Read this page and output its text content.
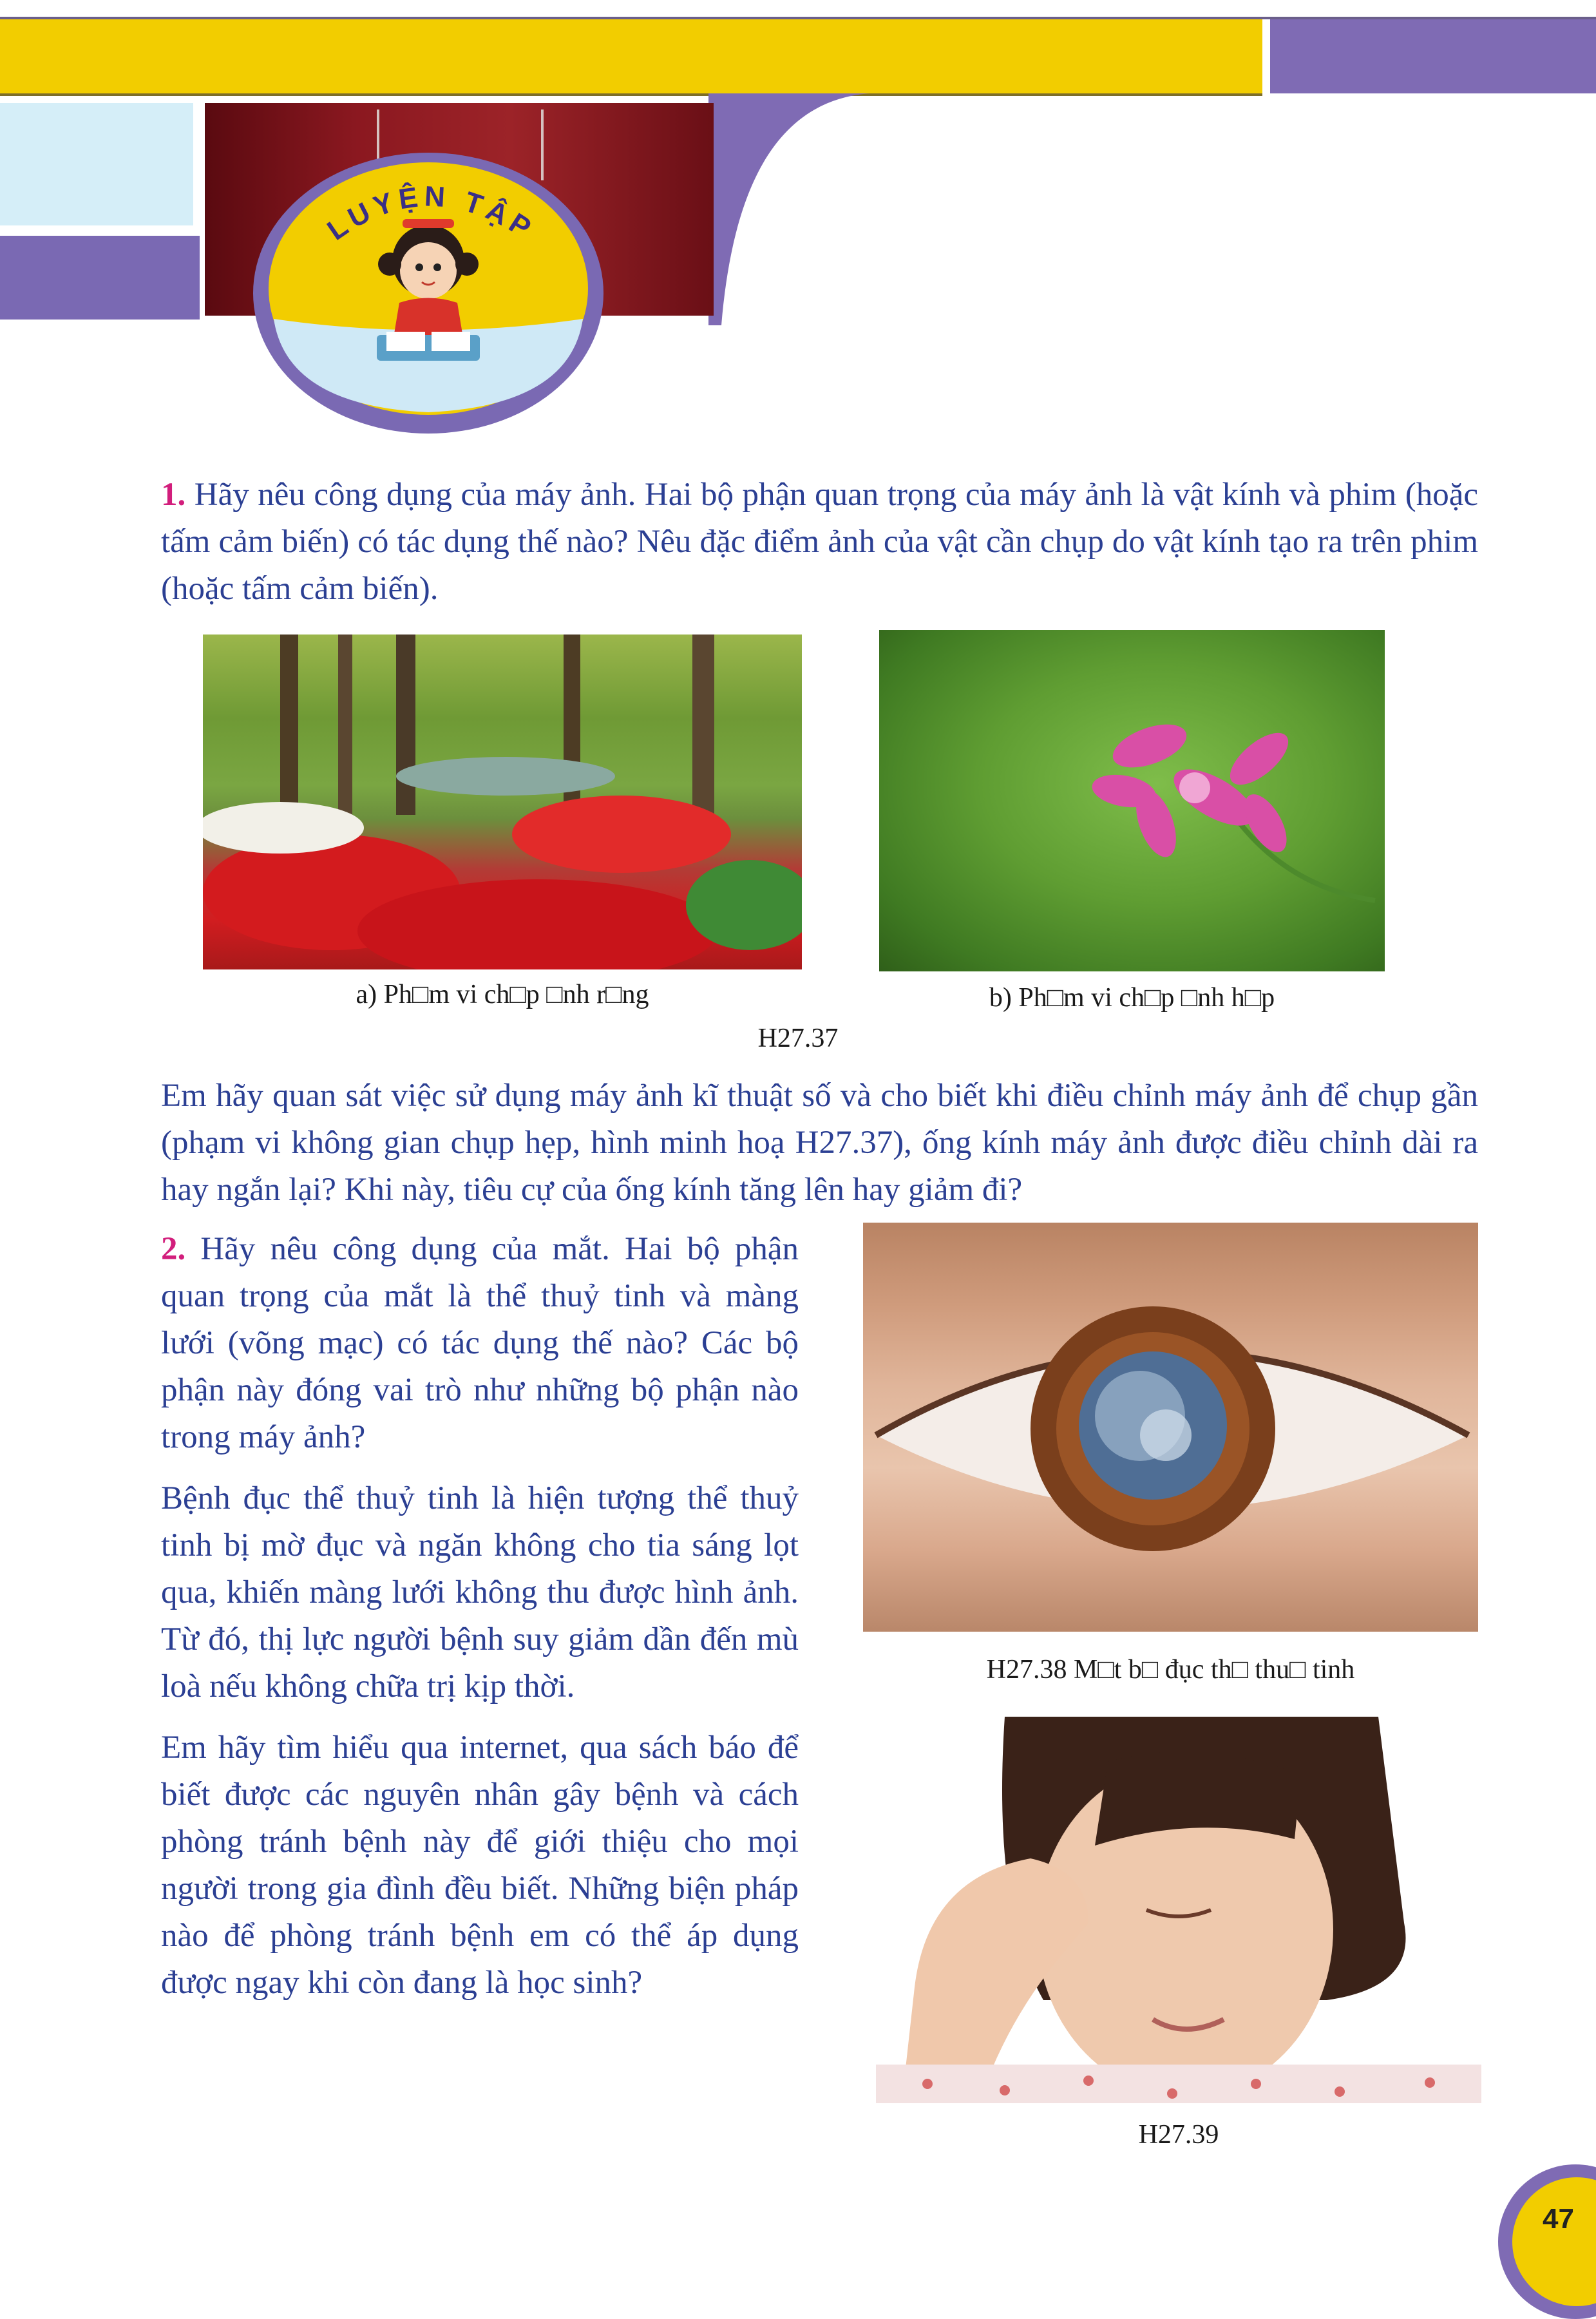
LUYỆN TẬP
1. Hãy nêu công dụng của máy ảnh. Hai bộ phận quan trọng của máy ảnh là vật kính và phim (hoặc tấm cảm biến) có tác dụng thế nào? Nêu đặc điểm ảnh của vật cần chụp do vật kính tạo ra trên phim (hoặc tấm cảm biến).
a) Ph□m vi ch□p □nh r□ng	b) Ph□m vi ch□p □nh h□p
H27.37
Em hãy quan sát việc sử dụng máy ảnh kĩ thuật số và cho biết khi điều chỉnh máy ảnh để chụp gần (phạm vi không gian chụp hẹp, hình minh hoạ H27.37), ống kính máy ảnh được điều chỉnh dài ra hay ngắn lại? Khi này, tiêu cự của ống kính tăng lên hay giảm đi?
2. Hãy nêu công dụng của mắt. Hai bộ phận quan trọng của mắt là thể thuỷ tinh và màng lưới (võng mạc) có tác dụng thế nào? Các bộ phận này đóng vai trò như những bộ phận nào trong máy ảnh?
Bệnh đục thể thuỷ tinh là hiện tượng thể thuỷ tinh bị mờ đục và ngăn không cho tia sáng lọt qua, khiến màng lưới không thu được hình ảnh. Từ đó, thị lực người bệnh suy giảm dần đến mù loà nếu không chữa trị kịp thời.
Em hãy tìm hiểu qua internet, qua sách báo để biết được các nguyên nhân gây bệnh và cách phòng tránh bệnh này để giới thiệu cho mọi người trong gia đình đều biết. Những biện pháp nào để phòng tránh bệnh em có thể áp dụng được ngay khi còn đang là học sinh?
H27.38 M□t b□ đục th□ thu□ tinh
H27.39
47
